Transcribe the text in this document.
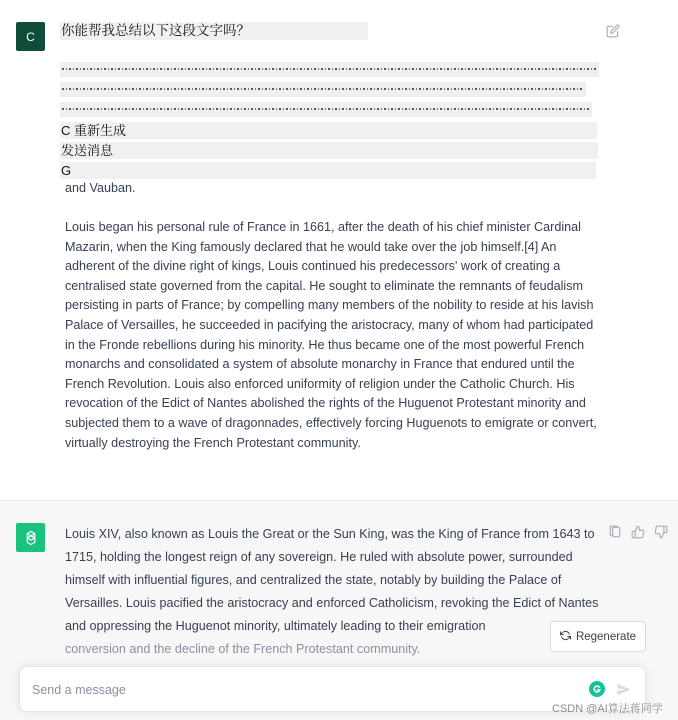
C 你能帮我总结以下这段文字吗？
C 重新生成
发送消息
G
and Vauban.
Louis began his personal rule of France in 1661, after the death of his chief minister Cardinal Mazarin, when the King famously declared that he would take over the job himself.[4] An adherent of the divine right of kings, Louis continued his predecessors' work of creating a centralised state governed from the capital. He sought to eliminate the remnants of feudalism persisting in parts of France; by compelling many members of the nobility to reside at his lavish Palace of Versailles, he succeeded in pacifying the aristocracy, many of whom had participated in the Fronde rebellions during his minority. He thus became one of the most powerful French monarchs and consolidated a system of absolute monarchy in France that endured until the French Revolution. Louis also enforced uniformity of religion under the Catholic Church. His revocation of the Edict of Nantes abolished the rights of the Huguenot Protestant minority and subjected them to a wave of dragonnades, effectively forcing Huguenots to emigrate or convert, virtually destroying the French Protestant community.
Louis XIV, also known as Louis the Great or the Sun King, was the King of France from 1643 to 1715, holding the longest reign of any sovereign. He ruled with absolute power, surrounded himself with influential figures, and centralized the state, notably by building the Palace of Versailles. Louis pacified the aristocracy and enforced Catholicism, revoking the Edict of Nantes and oppressing the Huguenot minority, ultimately leading to their emigration
conversion and the decline of the French Protestant community.
Regenerate
Send a message
CSDN @AI算法蒋同学
